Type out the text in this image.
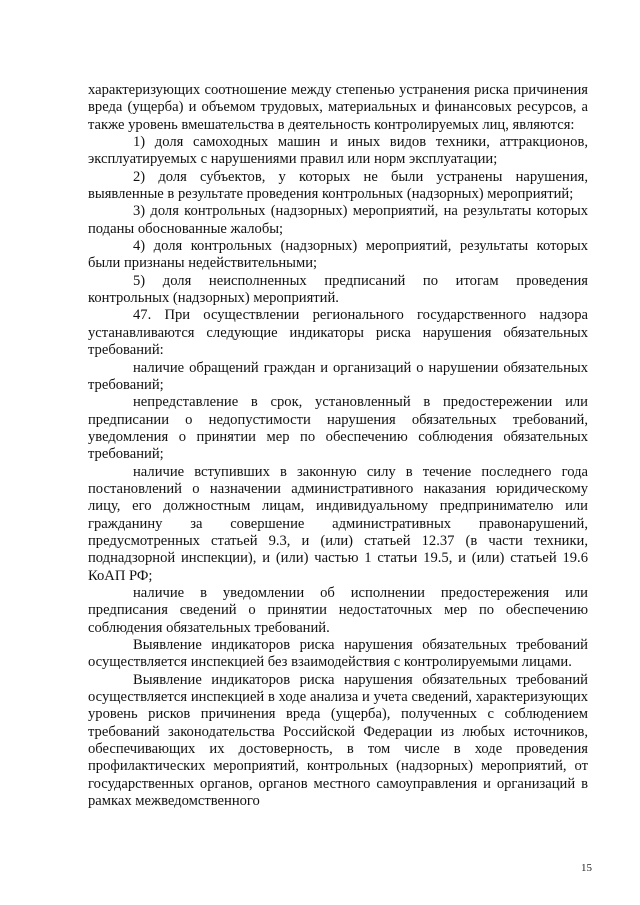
характеризующих соотношение между степенью устранения риска причинения вреда (ущерба) и объемом трудовых, материальных и финансовых ресурсов, а также уровень вмешательства в деятельность контролируемых лиц, являются:

1) доля самоходных машин и иных видов техники, аттракционов, эксплуатируемых с нарушениями правил или норм эксплуатации;

2) доля субъектов, у которых не были устранены нарушения, выявленные в результате проведения контрольных (надзорных) мероприятий;

3) доля контрольных (надзорных) мероприятий, на результаты которых поданы обоснованные жалобы;

4) доля контрольных (надзорных) мероприятий, результаты которых были признаны недействительными;

5) доля неисполненных предписаний по итогам проведения контрольных (надзорных) мероприятий.

47. При осуществлении регионального государственного надзора устанавливаются следующие индикаторы риска нарушения обязательных требований:

наличие обращений граждан и организаций о нарушении обязательных требований;

непредставление в срок, установленный в предостережении или предписании о недопустимости нарушения обязательных требований, уведомления о принятии мер по обеспечению соблюдения обязательных требований;

наличие вступивших в законную силу в течение последнего года постановлений о назначении административного наказания юридическому лицу, его должностным лицам, индивидуальному предпринимателю или гражданину за совершение административных правонарушений, предусмотренных статьей 9.3, и (или) статьей 12.37 (в части техники, поднадзорной инспекции), и (или) частью 1 статьи 19.5, и (или) статьей 19.6 КоАП РФ;

наличие в уведомлении об исполнении предостережения или предписания сведений о принятии недостаточных мер по обеспечению соблюдения обязательных требований.

Выявление индикаторов риска нарушения обязательных требований осуществляется инспекцией без взаимодействия с контролируемыми лицами.

Выявление индикаторов риска нарушения обязательных требований осуществляется инспекцией в ходе анализа и учета сведений, характеризующих уровень рисков причинения вреда (ущерба), полученных с соблюдением требований законодательства Российской Федерации из любых источников, обеспечивающих их достоверность, в том числе в ходе проведения профилактических мероприятий, контрольных (надзорных) мероприятий, от государственных органов, органов местного самоуправления и организаций в рамках межведомственного

15
